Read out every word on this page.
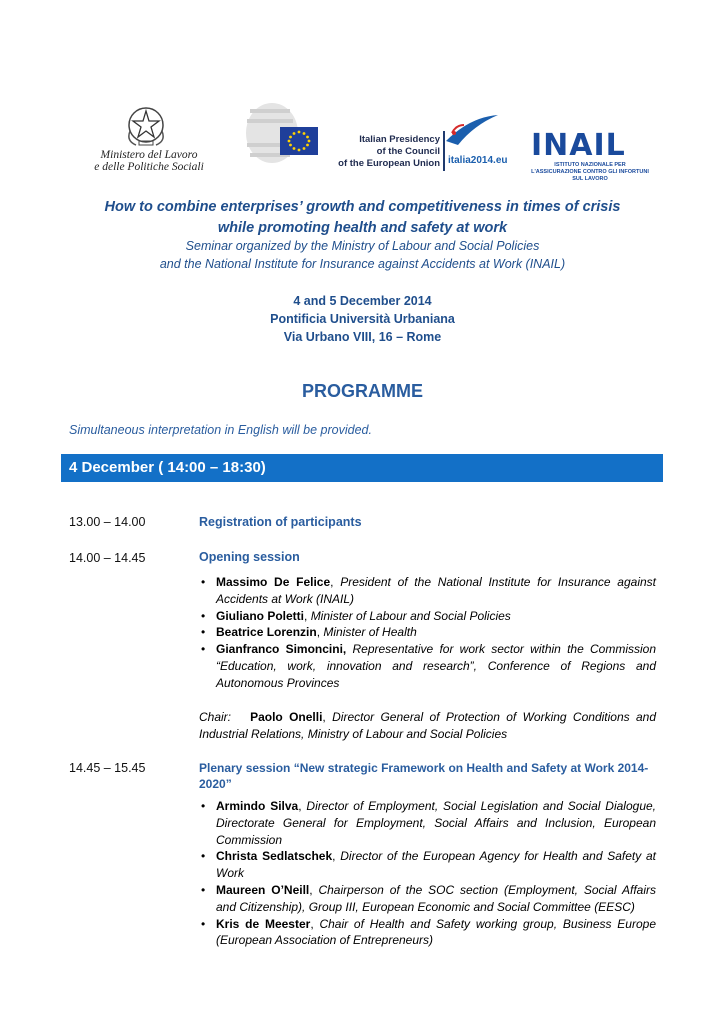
Ministero del Lavoro
e delle Politiche Sociali
Italian Presidency
of the Council
of the European Union italia2014.eu INAIL
ISTITUTO NAZIONALE PER L'ASSICURAZIONE CONTRO GLI INFORTUNI SUL LAVORO
How to combine enterprises’ growth and competitiveness in times of crisis
while promoting health and safety at work
Seminar organized by the Ministry of Labour and Social Policies
and the National Institute for Insurance against Accidents at Work (INAIL)
4 and 5 December 2014
Pontificia Università Urbaniana
Via Urbano VIII, 16 – Rome
PROGRAMME
Simultaneous interpretation in English will be provided.
4 December ( 14:00 – 18:30)
13.00 – 14.00	Registration of participants
14.00 – 14.45	Opening session
• Massimo De Felice, President of the National Institute for Insurance against Accidents at Work (INAIL)
• Giuliano Poletti, Minister of Labour and Social Policies
• Beatrice Lorenzin, Minister of Health
• Gianfranco Simoncini, Representative for work sector within the Commission “Education, work, innovation and research”, Conference of Regions and Autonomous Provinces
Chair: Paolo Onelli, Director General of Protection of Working Conditions and Industrial Relations, Ministry of Labour and Social Policies
14.45 – 15.45	Plenary session “New strategic Framework on Health and Safety at Work 2014-2020”
• Armindo Silva, Director of Employment, Social Legislation and Social Dialogue, Directorate General for Employment, Social Affairs and Inclusion, European Commission
• Christa Sedlatschek, Director of the European Agency for Health and Safety at Work
• Maureen O’Neill, Chairperson of the SOC section (Employment, Social Affairs and Citizenship), Group III, European Economic and Social Committee (EESC)
• Kris de Meester, Chair of Health and Safety working group, Business Europe (European Association of Entrepreneurs)
